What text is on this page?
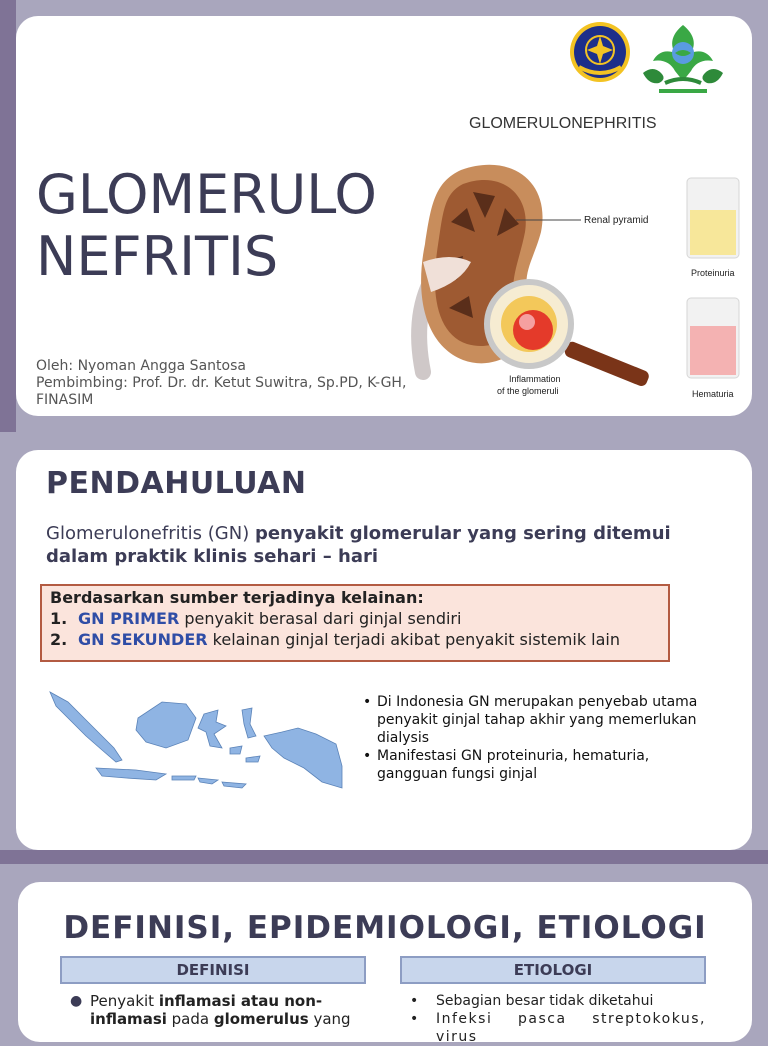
GLOMERULO
NEFRITIS
Oleh: Nyoman Angga Santosa
Pembimbing: Prof. Dr. dr. Ketut Suwitra, Sp.PD, K-GH,
FINASIM
GLOMERULONEPHRITIS
Renal pyramid
Inflammation
of the glomeruli
Proteinuria
Hematuria
PENDAHULUAN
Glomerulonefritis (GN) penyakit glomerular yang sering ditemui dalam praktik klinis sehari – hari
Berdasarkan sumber terjadinya kelainan:
1. GN PRIMER penyakit berasal dari ginjal sendiri
2. GN SEKUNDER kelainan ginjal terjadi akibat penyakit sistemik lain
• Di Indonesia GN merupakan penyebab utama penyakit ginjal tahap akhir yang memerlukan dialysis
• Manifestasi GN proteinuria, hematuria, gangguan fungsi ginjal
DEFINISI, EPIDEMIOLOGI, ETIOLOGI
DEFINISI
● Penyakit inflamasi atau non-inflamasi pada glomerulus yang
ETIOLOGI
• Sebagian besar tidak diketahui
• Infeksi pasca streptokokus, virus
